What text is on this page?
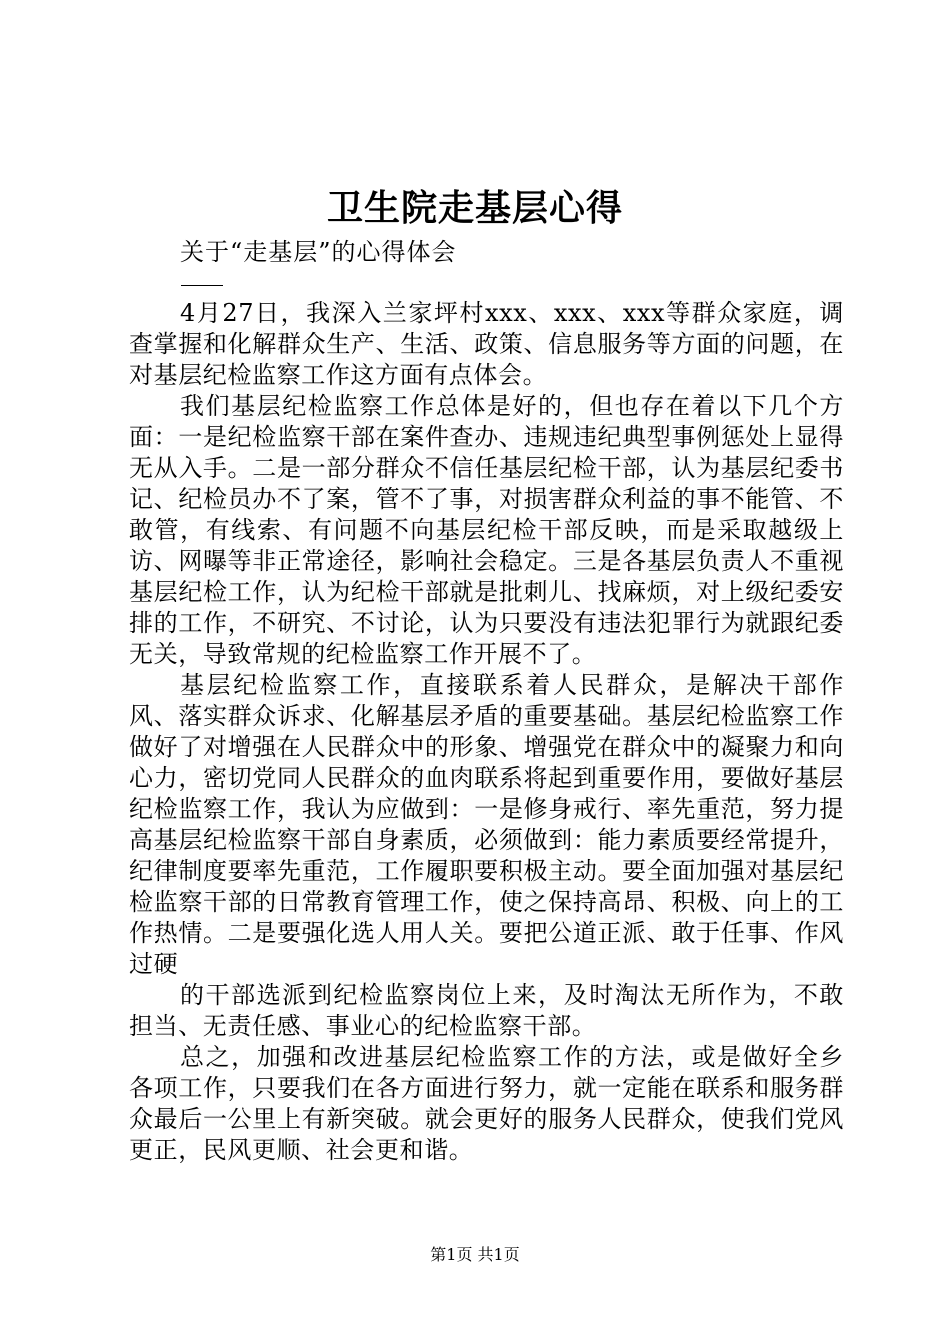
卫生院走基层心得
关于“走基层”的心得体会

4月27日，我深入兰家坪村xxx、xxx、xxx等群众家庭，调查掌握和化解群众生产、生活、政策、信息服务等方面的问题，在对基层纪检监察工作这方面有点体会。

我们基层纪检监察工作总体是好的，但也存在着以下几个方面：一是纪检监察干部在案件查办、违规违纪典型事例惩处上显得无从入手。二是一部分群众不信任基层纪检干部，认为基层纪委书记、纪检员办不了案，管不了事，对损害群众利益的事不能管、不敢管，有线索、有问题不向基层纪检干部反映，而是采取越级上访、网曝等非正常途径，影响社会稳定。三是各基层负责人不重视基层纪检工作，认为纪检干部就是批刺儿、找麻烦，对上级纪委安排的工作，不研究、不讨论，认为只要没有违法犯罪行为就跟纪委无关，导致常规的纪检监察工作开展不了。

基层纪检监察工作，直接联系着人民群众，是解决干部作风、落实群众诉求、化解基层矛盾的重要基础。基层纪检监察工作做好了对增强在人民群众中的形象、增强党在群众中的凝聚力和向心力，密切党同人民群众的血肉联系将起到重要作用，要做好基层纪检监察工作，我认为应做到：一是修身戒行、率先重范，努力提高基层纪检监察干部自身素质，必须做到：能力素质要经常提升，纪律制度要率先重范，工作履职要积极主动。要全面加强对基层纪检监察干部的日常教育管理工作，使之保持高昂、积极、向上的工作热情。二是要强化选人用人关。要把公道正派、敢于任事、作风过硬

的干部选派到纪检监察岗位上来，及时淘汰无所作为，不敢担当、无责任感、事业心的纪检监察干部。

总之，加强和改进基层纪检监察工作的方法，或是做好全乡各项工作，只要我们在各方面进行努力，就一定能在联系和服务群众最后一公里上有新突破。就会更好的服务人民群众，使我们党风更正，民风更顺、社会更和谐。

第1页 共1页
